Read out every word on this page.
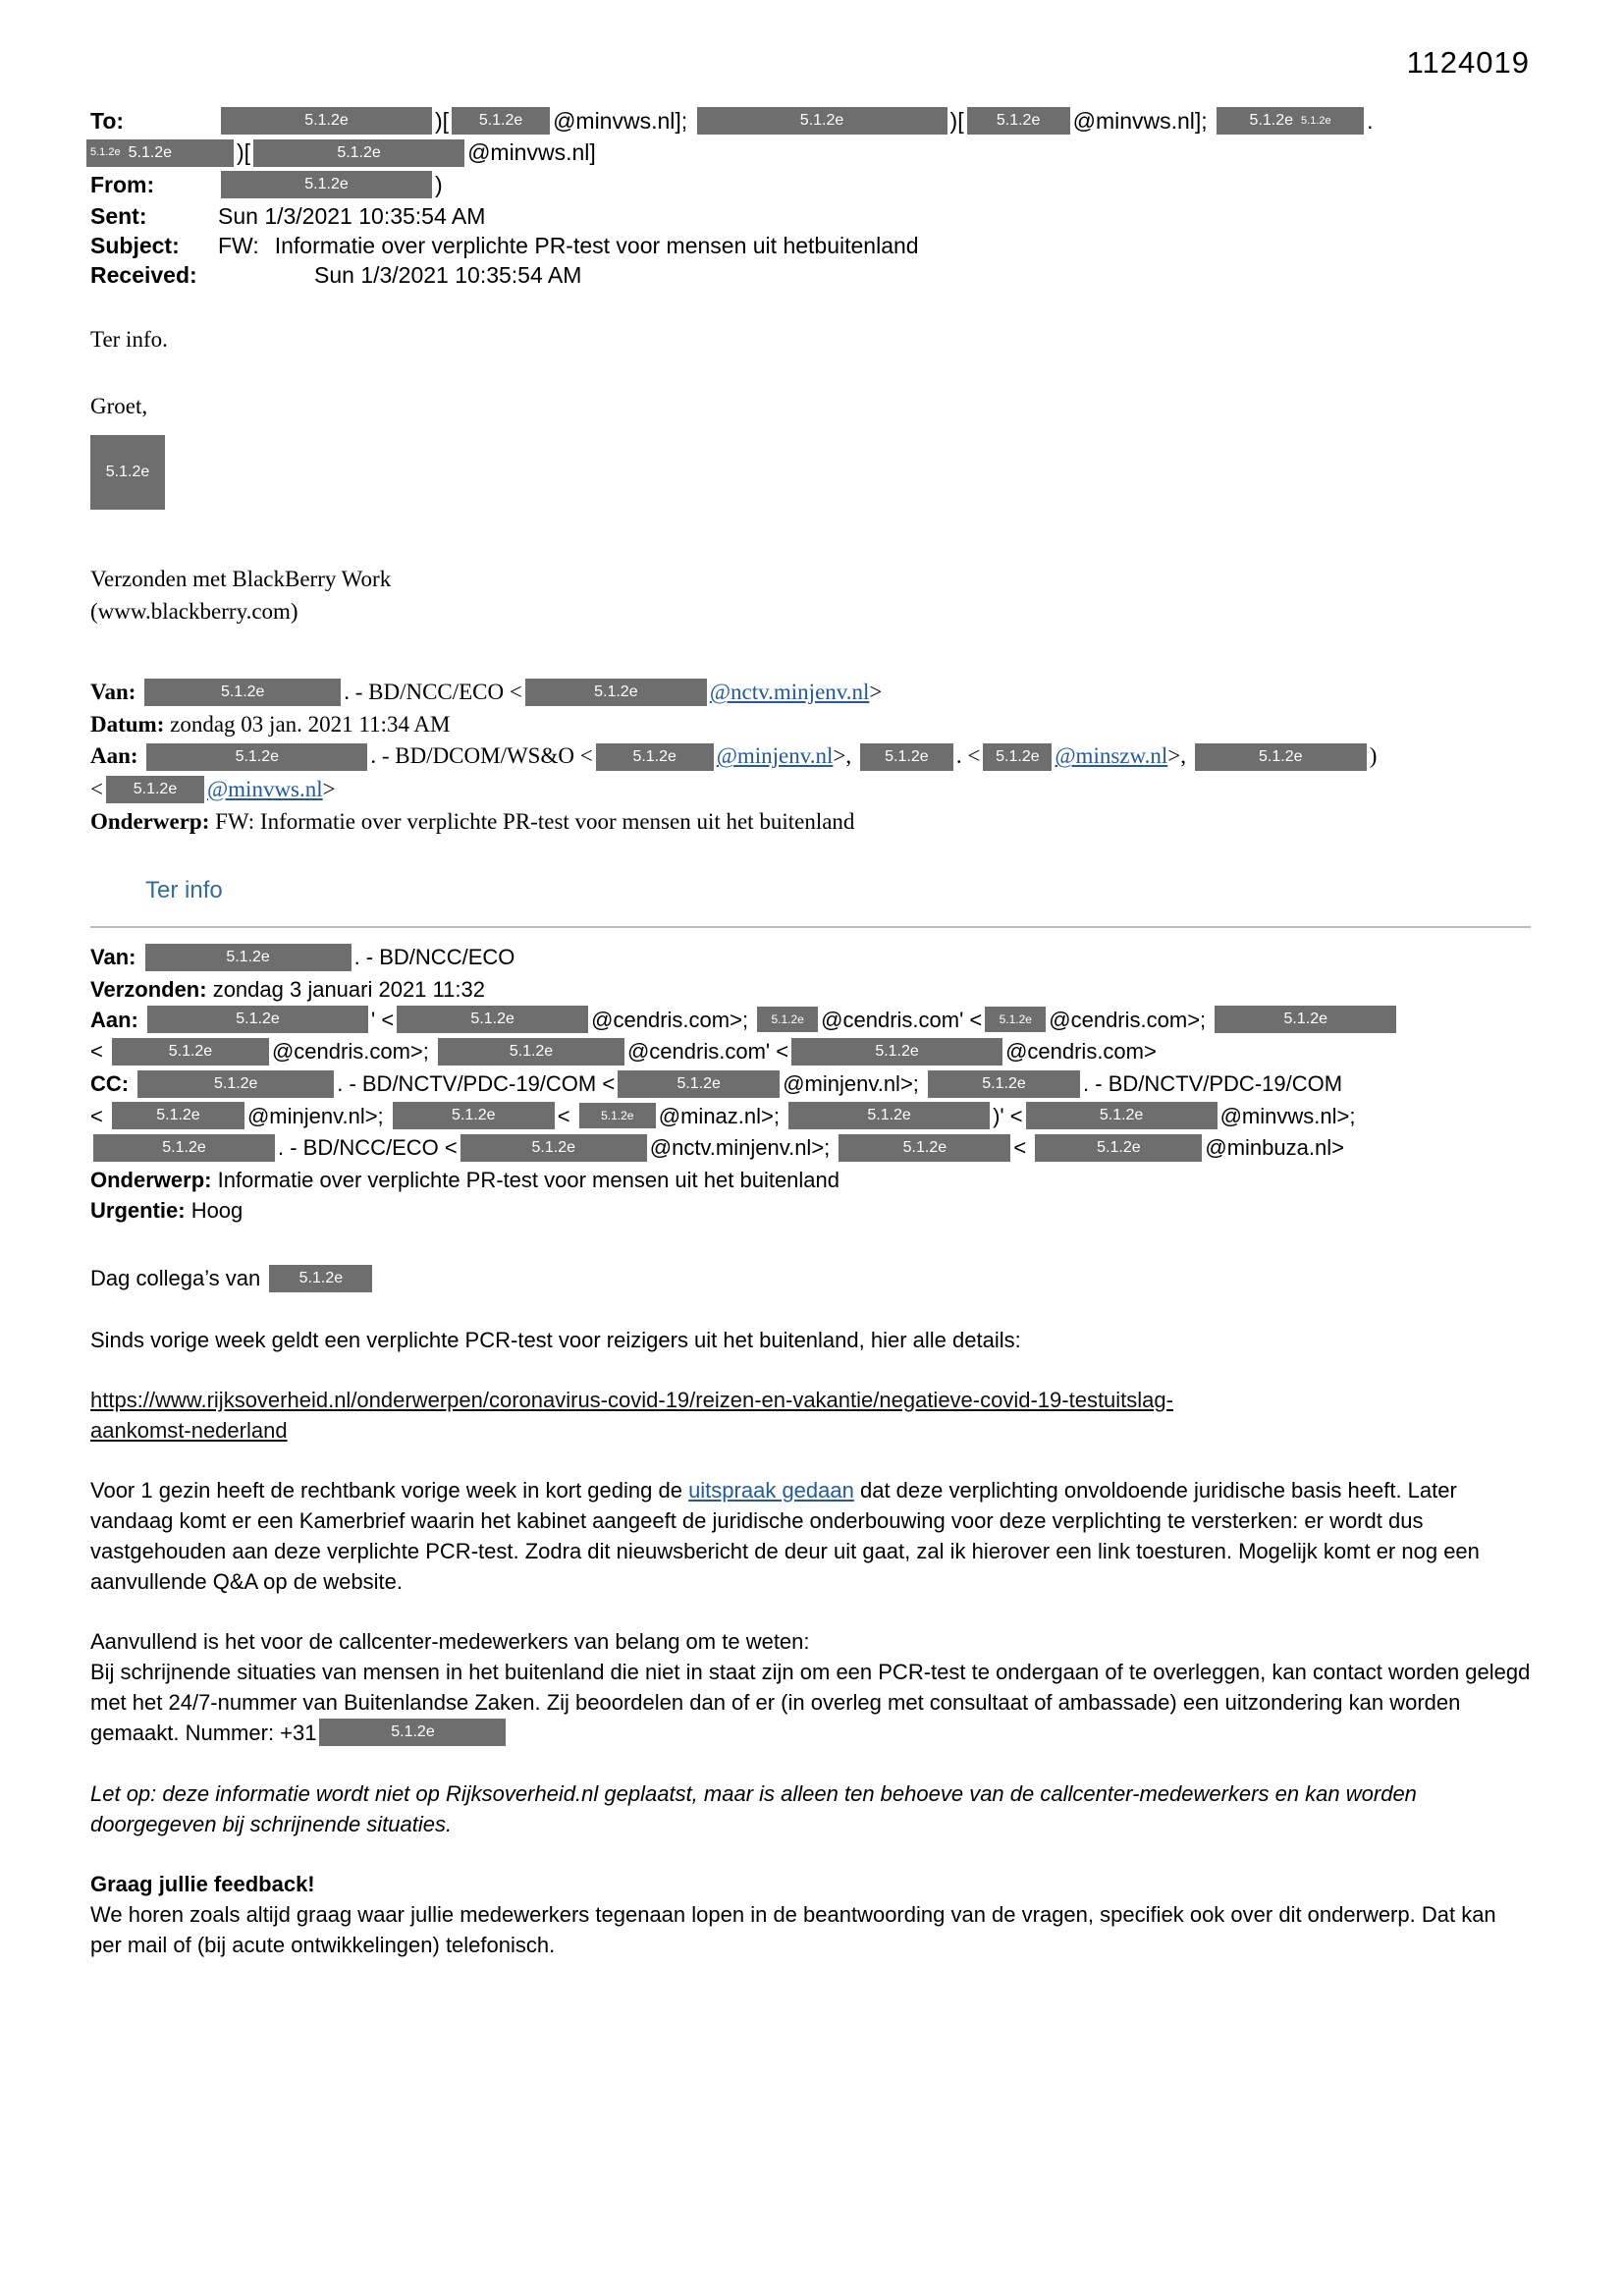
1124019
To:	5.1.2e	)[ 5.1.2e @minvws.nl];	5.1.2e	)[ 5.1.2e @minvws.nl]; 5.1.2e 5.1.2e .
5.1.2e 5.1.2e	)[	5.1.2e	@minvws.nl]
From:	5.1.2e	)
Sent:	Sun 1/3/2021 10:35:54 AM
Subject: FW: Informatie over verplichte PR-test voor mensen uit hetbuitenland
Received:	Sun 1/3/2021 10:35:54 AM
Ter info.
Groet,
5.1.2e
Verzonden met BlackBerry Work
(www.blackberry.com)
Van:	5.1.2e	. - BD/NCC/ECO <	5.1.2e	@nctv.minjenv.nl>
Datum: zondag 03 jan. 2021 11:34 AM
Aan:	5.1.2e	. - BD/DCOM/WS&O <	5.1.2e @minjenv.nl>, 5.1.2e . < 5.1.2e @minszw.nl>,	5.1.2e	)
< 5.1.2e @minvws.nl>
Onderwerp: FW: Informatie over verplichte PR-test voor mensen uit het buitenland
Ter info
Van:	5.1.2e	. - BD/NCC/ECO
Verzonden: zondag 3 januari 2021 11:32
Aan:	5.1.2e	' <	5.1.2e	@cendris.com>; 5.1.2e @cendris.com' < 5.1.2e @cendris.com>;	5.1.2e
<	5.1.2e	@cendris.com>;	5.1.2e	@cendris.com' <	5.1.2e	@cendris.com>
CC:	5.1.2e	. - BD/NCTV/PDC-19/COM <	5.1.2e	@minjenv.nl>;	5.1.2e	. - BD/NCTV/PDC-19/COM
<	5.1.2e @minjenv.nl>;	5.1.2e	< 5.1.2e @minaz.nl>;	5.1.2e	)' <	5.1.2e	@minvws.nl>;
5.1.2e	. - BD/NCC/ECO <	5.1.2e	@nctv.minjenv.nl>;	5.1.2e	<	5.1.2e	@minbuza.nl>
Onderwerp: Informatie over verplichte PR-test voor mensen uit het buitenland
Urgentie: Hoog
Dag collega’s van 5.1.2e
Sinds vorige week geldt een verplichte PCR-test voor reizigers uit het buitenland, hier alle details:
https://www.rijksoverheid.nl/onderwerpen/coronavirus-covid-19/reizen-en-vakantie/negatieve-covid-19-testuitslag-
aankomst-nederland
Voor 1 gezin heeft de rechtbank vorige week in kort geding de uitspraak gedaan dat deze verplichting onvoldoende juridische basis heeft. Later vandaag komt er een Kamerbrief waarin het kabinet aangeeft de juridische onderbouwing voor deze verplichting te versterken: er wordt dus vastgehouden aan deze verplichte PCR-test. Zodra dit nieuwsbericht de deur uit gaat, zal ik hierover een link toesturen. Mogelijk komt er nog een aanvullende Q&A op de website.
Aanvullend is het voor de callcenter-medewerkers van belang om te weten:
Bij schrijnende situaties van mensen in het buitenland die niet in staat zijn om een PCR-test te ondergaan of te overleggen, kan contact worden gelegd met het 24/7-nummer van Buitenlandse Zaken. Zij beoordelen dan of er (in overleg met consultaat of ambassade) een uitzondering kan worden gemaakt. Nummer: +31	5.1.2e
Let op: deze informatie wordt niet op Rijksoverheid.nl geplaatst, maar is alleen ten behoeve van de callcenter-medewerkers en kan worden doorgegeven bij schrijnende situaties.
Graag jullie feedback!
We horen zoals altijd graag waar jullie medewerkers tegenaan lopen in de beantwoording van de vragen, specifiek ook over dit onderwerp. Dat kan per mail of (bij acute ontwikkelingen) telefonisch.
